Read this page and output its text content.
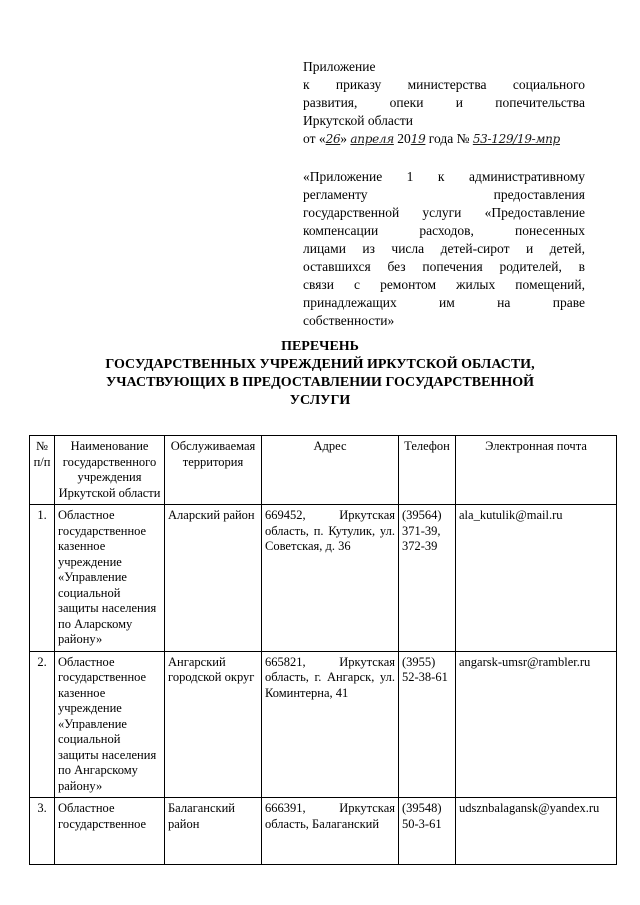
Приложение
к приказу министерства социального
развития, опеки и попечительства
Иркутской области
от «26» апреля 2019 года № 53-129/19-мпр
«Приложение 1 к административному
регламенту предоставления
государственной услуги «Предоставление
компенсации расходов, понесенных
лицами из числа детей-сирот и детей,
оставшихся без попечения родителей, в
связи с ремонтом жилых помещений,
принадлежащих им на праве
собственности»
ПЕРЕЧЕНЬ
ГОСУДАРСТВЕННЫХ УЧРЕЖДЕНИЙ ИРКУТСКОЙ ОБЛАСТИ,
УЧАСТВУЮЩИХ В ПРЕДОСТАВЛЕНИИ ГОСУДАРСТВЕННОЙ
УСЛУГИ
№ п/п	Наименование государственного учреждения Иркутской области	Обслуживаемая территория	Адрес	Телефон	Электронная почта
1.	Областное государственное казенное учреждение «Управление социальной защиты населения по Аларскому району»	Аларский район	669452, Иркутская область, п. Кутулик, ул. Советская, д. 36	(39564) 371-39, 372-39	ala_kutulik@mail.ru
2.	Областное государственное казенное учреждение «Управление социальной защиты населения по Ангарскому району»	Ангарский городской округ	665821, Иркутская область, г. Ангарск, ул. Коминтерна, 41	(3955) 52-38-61	angarsk-umsr@rambler.ru
3.	Областное государственное	Балаганский район	666391, Иркутская область, Балаганский	(39548) 50-3-61	udsznbalagansk@yandex.ru
